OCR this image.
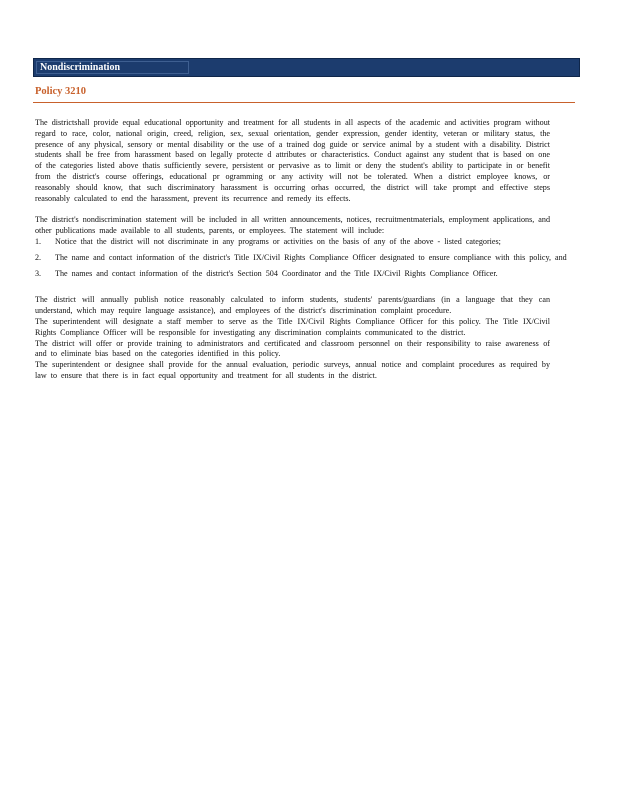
Nondiscrimination
Policy 3210

The districtshall provide equal educational opportunity and treatment for all students in all aspects of the academic and activities program without regard to race, color, national origin, creed, religion, sex, sexual orientation, gender expression, gender identity, veteran or military status, the presence of any physical, sensory or mental disability or the use of a trained dog guide or service animal by a student with a disability. District students shall be free from harassment based on legally protecte d attributes or characteristics. Conduct against any student that is based on one of the categories listed above thatis sufficiently severe, persistent or pervasive as to limit or deny the student's ability to participate in or benefit from the district's course offerings, educational pr ogramming or any activity will not be tolerated. When a district employee knows, or reasonably should know, that such discriminatory harassment is occurring orhas occurred, the district will take prompt and effective steps reasonably calculated to end the harassment, prevent its recurrence and remedy its effects.

The district's nondiscrimination statement will be included in all written announcements, notices, recruitmentmaterials, employment applications, and other publications made available to all students, parents, or employees. The statement will include:

1. Notice that the district will not discriminate in any programs or activities on the basis of any of the above - listed categories;
2. The name and contact information of the district's Title IX/Civil Rights Compliance Officer designated to ensure compliance with this policy, and
3. The names and contact information of the district's Section 504 Coordinator and the Title IX/Civil Rights Compliance Officer.

The district will annually publish notice reasonably calculated to inform students, students' parents/guardians (in a language that they can understand, which may require language assistance), and employees of the district's discrimination complaint procedure.

The superintendent will designate a staff member to serve as the Title IX/Civil Rights Compliance Officer for this policy. The Title IX/Civil Rights Compliance Officer will be responsible for investigating any discrimination complaints communicated to the district.

The district will offer or provide training to administrators and certificated and classroom personnel on their responsibility to raise awareness of and to eliminate bias based on the categories identified in this policy.

The superintendent or designee shall provide for the annual evaluation, periodic surveys, annual notice and complaint procedures as required by law to ensure that there is in fact equal opportunity and treatment for all students in the district.
